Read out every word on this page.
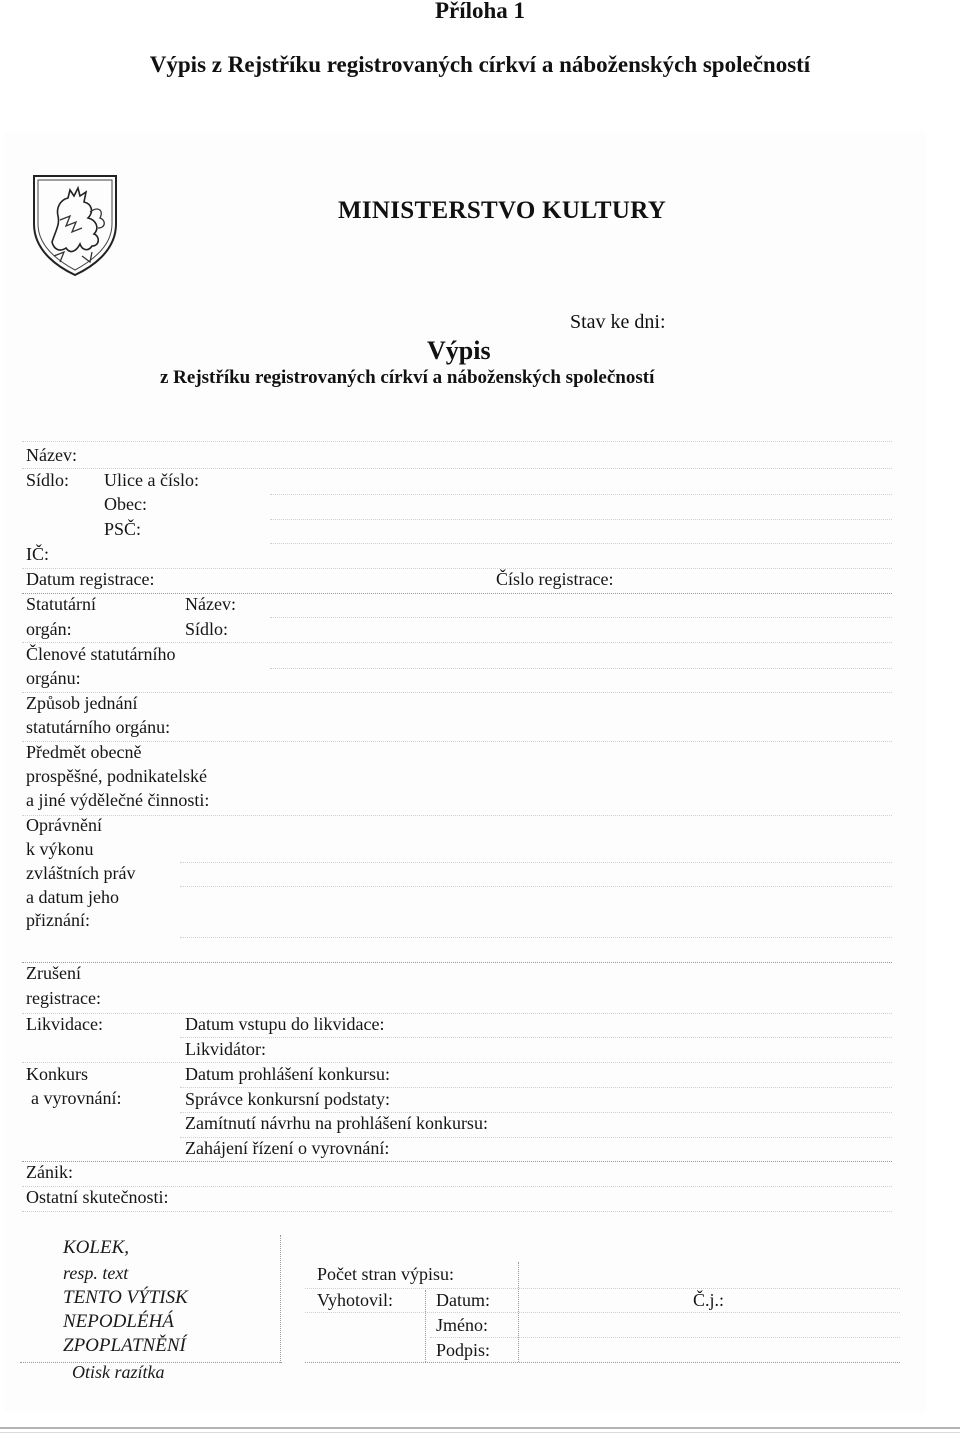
Příloha 1
Výpis z Rejstříku registrovaných církví a náboženských společností
MINISTERSTVO KULTURY
Stav ke dni:
Výpis
z Rejstříku registrovaných církví a náboženských společností
Název:
Sídlo: Ulice a číslo:
Obec:
PSČ:
IČ:
Datum registrace:	Číslo registrace:
Statutární
orgán:
Název:
Sídlo:
Členové statutárního
orgánu:
Způsob jednání
statutárního orgánu:
Předmět obecně
prospěšné, podnikatelské
a jiné výdělečné činnosti:
Oprávnění
k výkonu
zvláštních práv
a datum jeho
přiznání:
Zrušení
registrace:
Likvidace:	Datum vstupu do likvidace:
Likvidátor:
Konkurs
a vyrovnání:
Datum prohlášení konkursu:
Správce konkursní podstaty:
Zamítnutí návrhu na prohlášení konkursu:
Zahájení řízení o vyrovnání:
Zánik:
Ostatní skutečnosti:
KOLEK,
resp. text
TENTO VÝTISK
NEPODLÉHÁ
ZPOPLATNĚNÍ
Otisk razítka
Počet stran výpisu:
Vyhotovil: Datum:
Jméno:
Podpis:
Č.j.:
